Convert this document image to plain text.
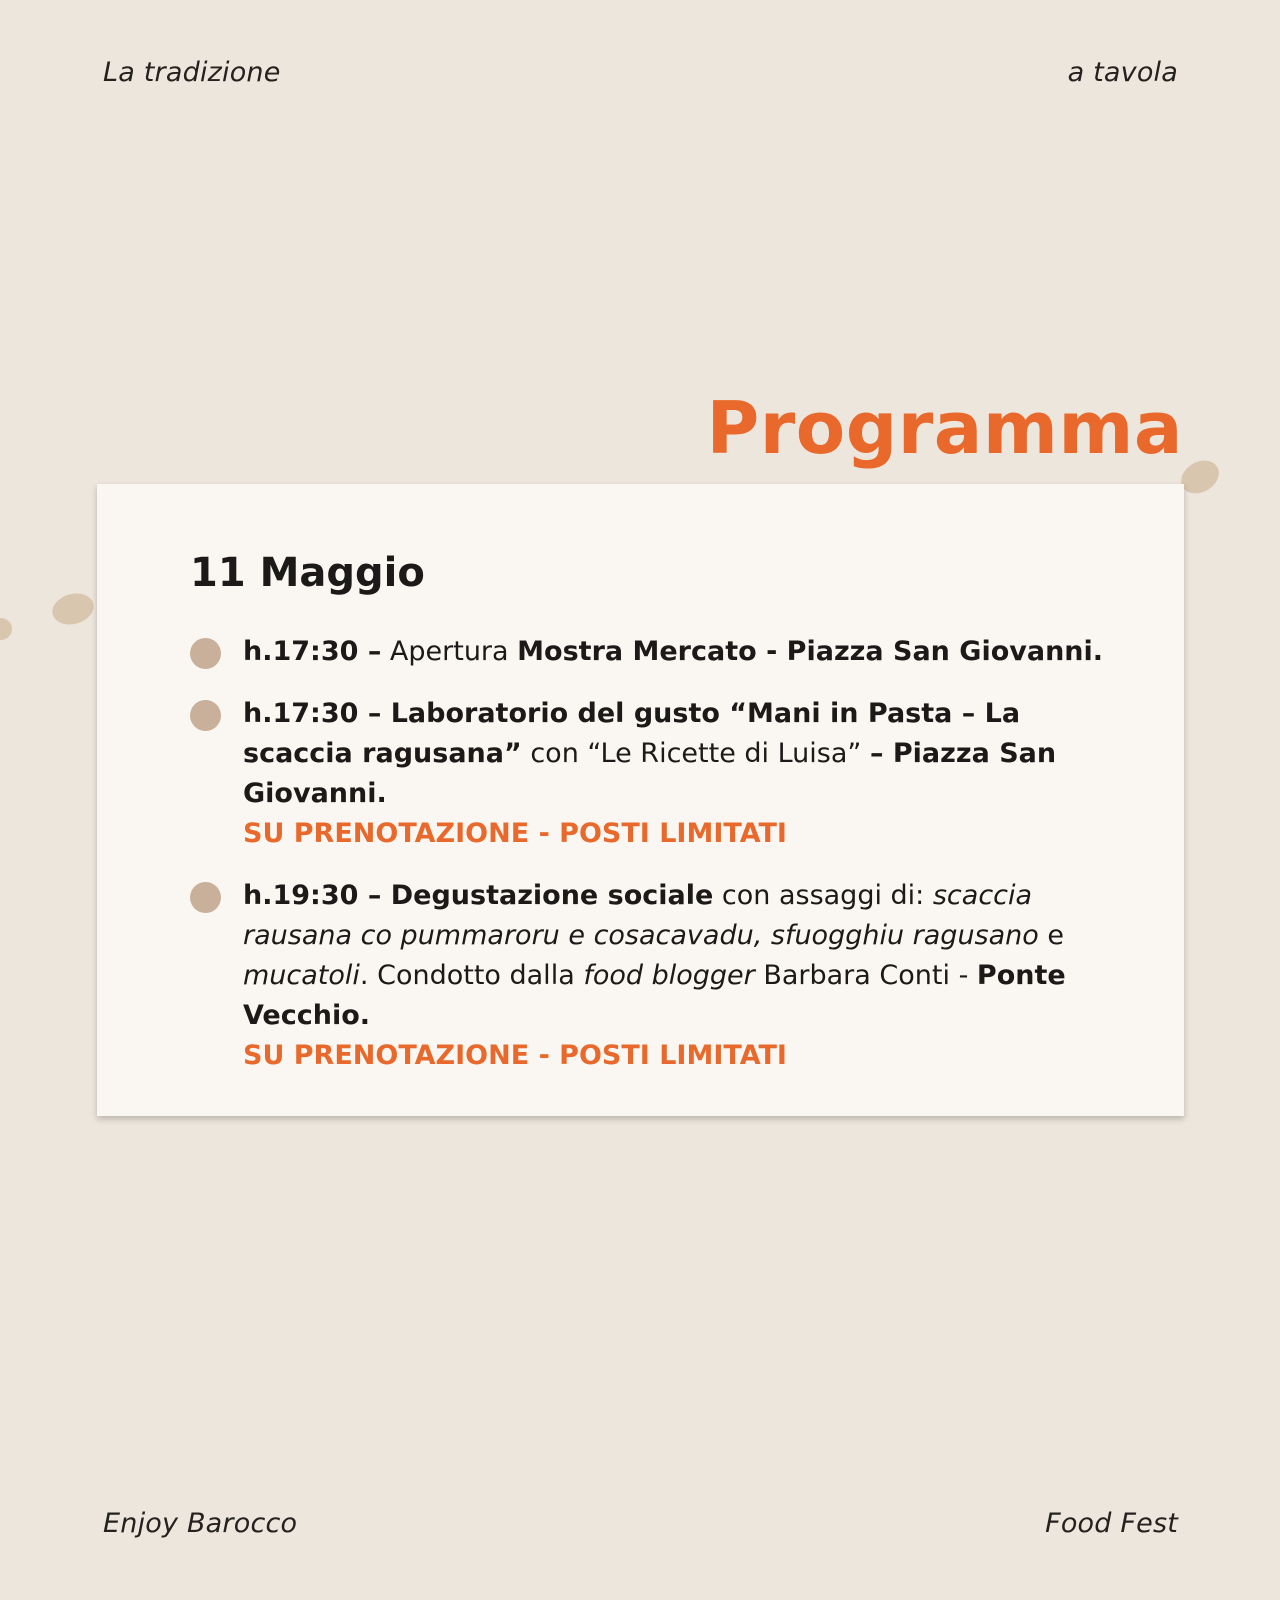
La tradizione	a tavola
Programma
11 Maggio
h.17:30 – Apertura Mostra Mercato - Piazza San Giovanni.
h.17:30 – Laboratorio del gusto “Mani in Pasta – La scaccia ragusana” con “Le Ricette di Luisa” – Piazza San Giovanni.
SU PRENOTAZIONE - POSTI LIMITATI
h.19:30 – Degustazione sociale con assaggi di: scaccia rausana co pummaroru e cosacavadu, sfuogghiu ragusano e mucatoli. Condotto dalla food blogger Barbara Conti - Ponte Vecchio.
SU PRENOTAZIONE - POSTI LIMITATI
Enjoy Barocco	Food Fest
